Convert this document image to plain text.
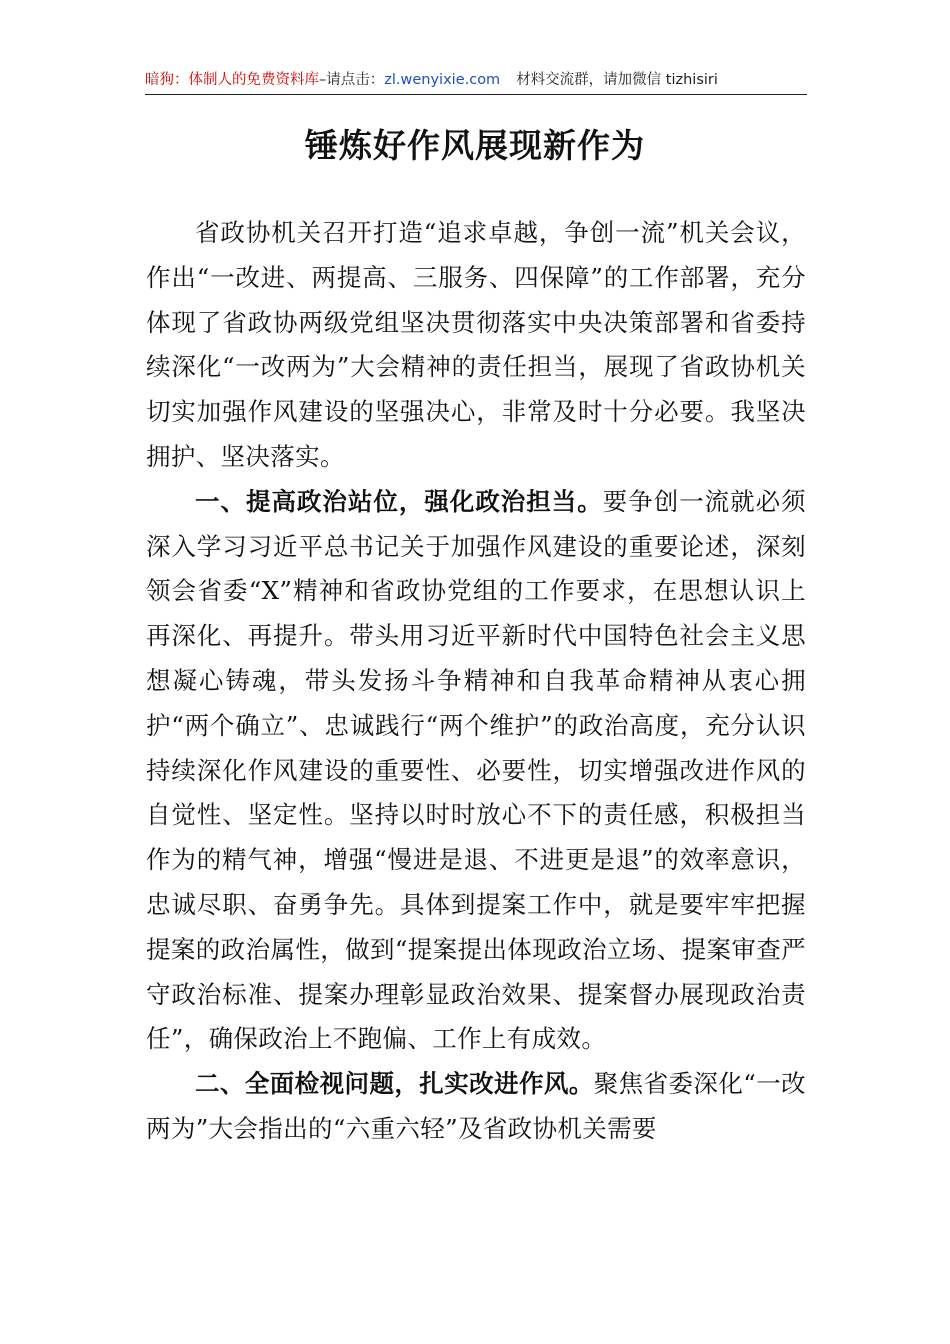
暗狗：体制人的免费资料库–请点击：zl.wenyixie.com 材料交流群，请加微信 tizhisiri
锤炼好作风展现新作为

省政协机关召开打造“追求卓越，争创一流”机关会议，作出“一改进、两提高、三服务、四保障”的工作部署，充分体现了省政协两级党组坚决贯彻落实中央决策部署和省委持续深化“一改两为”大会精神的责任担当，展现了省政协机关切实加强作风建设的坚强决心，非常及时十分必要。我坚决拥护、坚决落实。

一、提高政治站位，强化政治担当。要争创一流就必须深入学习习近平总书记关于加强作风建设的重要论述，深刻领会省委“X”精神和省政协党组的工作要求，在思想认识上再深化、再提升。带头用习近平新时代中国特色社会主义思想凝心铸魂，带头发扬斗争精神和自我革命精神从衷心拥护“两个确立”、忠诚践行“两个维护”的政治高度，充分认识持续深化作风建设的重要性、必要性，切实增强改进作风的自觉性、坚定性。坚持以时时放心不下的责任感，积极担当作为的精气神，增强“慢进是退、不进更是退”的效率意识，忠诚尽职、奋勇争先。具体到提案工作中，就是要牢牢把握提案的政治属性，做到“提案提出体现政治立场、提案审查严守政治标准、提案办理彰显政治效果、提案督办展现政治责任”，确保政治上不跑偏、工作上有成效。

二、全面检视问题，扎实改进作风。聚焦省委深化“一改两为”大会指出的“六重六轻”及省政协机关需要
